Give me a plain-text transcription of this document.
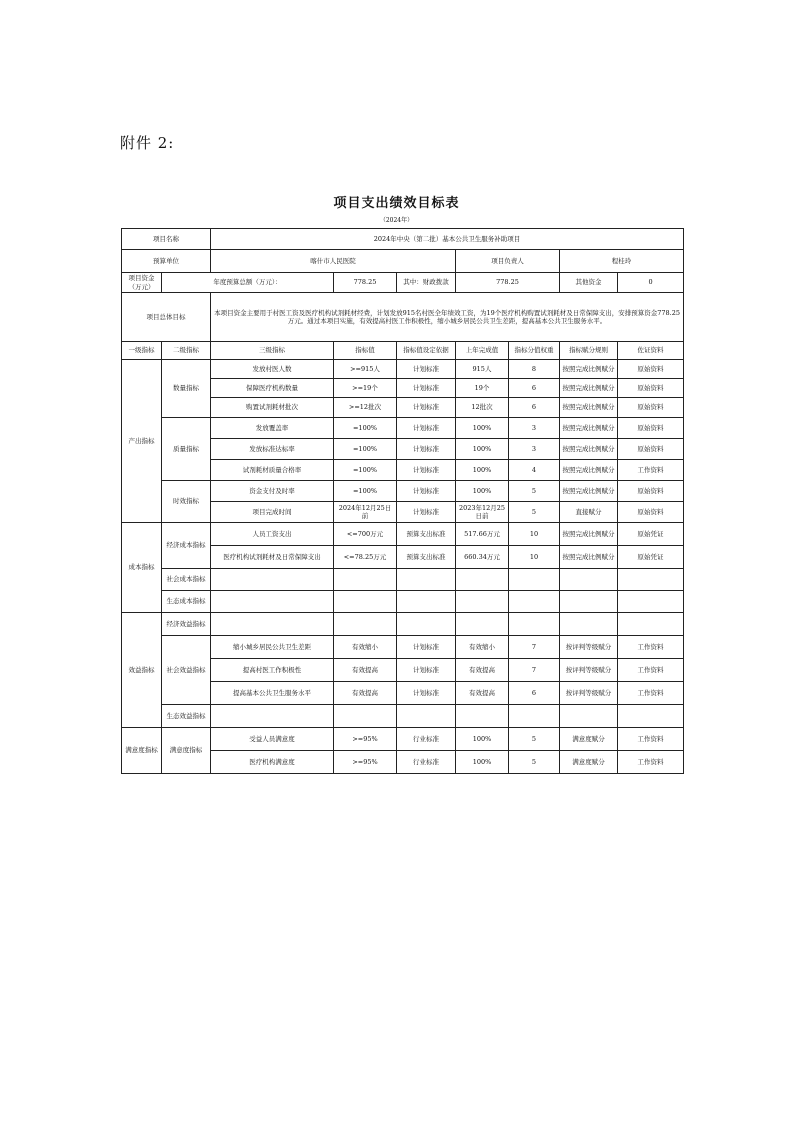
附件 2:
项目支出绩效目标表
（2024年）
项目名称		2024年中央（第二批）基本公共卫生服务补助项目						
预算单位		喀什市人民医院			项目负责人		程桂玲	
项目资金（万元）	年度预算总额（万元）：		778.25	其中：财政拨款	778.25		其他资金	0
项目总体目标		本项目资金主要用于村医工资及医疗机构试剂耗材经费，计划发放915名村医全年绩效工资，为19个医疗机构购置试剂耗材及日常保障支出，安排预算资金778.25万元。通过本项目实施，有效提高村医工作积极性，缩小城乡居民公共卫生差距，提高基本公共卫生服务水平。						
一级指标	二级指标	三级指标	指标值	指标值设定依据	上年完成值	指标分值权重	指标赋分规则	佐证资料
产出指标	数量指标	发放村医人数	>=915人	计划标准	915人	8	按照完成比例赋分	原始资料
		保障医疗机构数量	>=19个	计划标准	19个	6	按照完成比例赋分	原始资料
		购置试剂耗材批次	>=12批次	计划标准	12批次	6	按照完成比例赋分	原始资料
	质量指标	发放覆盖率	=100%	计划标准	100%	3	按照完成比例赋分	原始资料
		发放标准达标率	=100%	计划标准	100%	3	按照完成比例赋分	原始资料
		试剂耗材质量合格率	=100%	计划标准	100%	4	按照完成比例赋分	工作资料
	时效指标	资金支付及时率	=100%	计划标准	100%	5	按照完成比例赋分	原始资料
		项目完成时间	2024年12月25日前	计划标准	2023年12月25日前	5	直接赋分	原始资料
成本指标	经济成本指标	人员工资支出	<=700万元	预算支出标准	517.66万元	10	按照完成比例赋分	原始凭证
		医疗机构试剂耗材及日常保障支出	<=78.25万元	预算支出标准	660.34万元	10	按照完成比例赋分	原始凭证
	社会成本指标							
	生态成本指标							
效益指标	经济效益指标							
	社会效益指标	缩小城乡居民公共卫生差距	有效缩小	计划标准	有效缩小	7	按评判等级赋分	工作资料
		提高村医工作积极性	有效提高	计划标准	有效提高	7	按评判等级赋分	工作资料
		提高基本公共卫生服务水平	有效提高	计划标准	有效提高	6	按评判等级赋分	工作资料
	生态效益指标							
满意度指标	满意度指标	受益人员满意度	>=95%	行业标准	100%	5	满意度赋分	工作资料
		医疗机构满意度	>=95%	行业标准	100%	5	满意度赋分	工作资料
